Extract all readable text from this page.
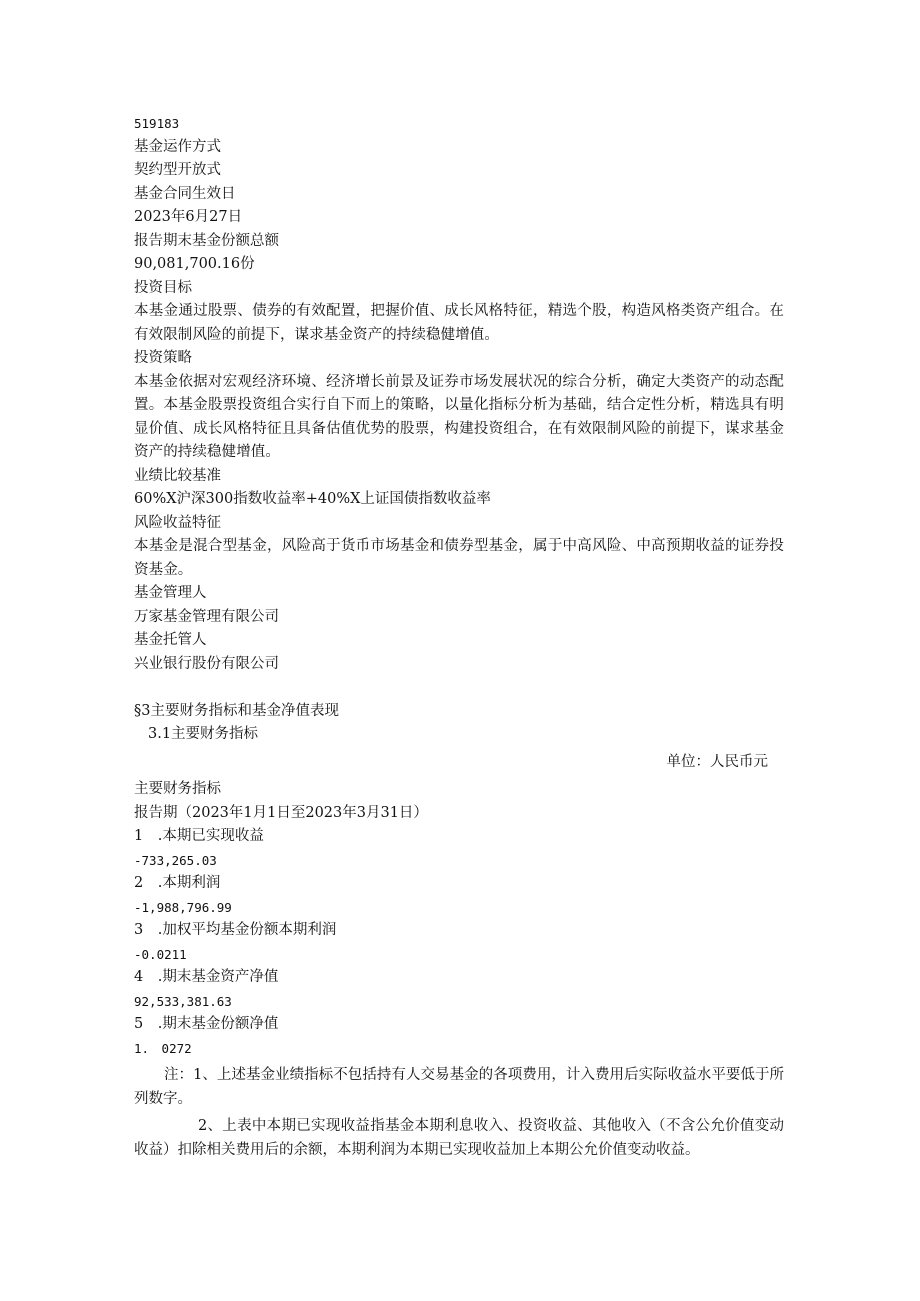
519183

基金运作方式

契约型开放式

基金合同生效日

2023年6月27日

报告期末基金份额总额

90,081,700.16份

投资目标

本基金通过股票、债券的有效配置，把握价值、成长风格特征，精选个股，构造风格类资产组合。在有效限制风险的前提下，谋求基金资产的持续稳健增值。

投资策略

本基金依据对宏观经济环境、经济增长前景及证券市场发展状况的综合分析，确定大类资产的动态配置。本基金股票投资组合实行自下而上的策略，以量化指标分析为基础，结合定性分析，精选具有明显价值、成长风格特征且具备估值优势的股票，构建投资组合，在有效限制风险的前提下，谋求基金资产的持续稳健增值。

业绩比较基准

60%X沪深300指数收益率+40%X上证国债指数收益率

风险收益特征

本基金是混合型基金，风险高于货币市场基金和债券型基金，属于中高风险、中高预期收益的证券投资基金。

基金管理人

万家基金管理有限公司

基金托管人

兴业银行股份有限公司

§3主要财务指标和基金净值表现

3.1主要财务指标

单位：人民币元

主要财务指标

报告期（2023年1月1日至2023年3月31日）

1　.本期已实现收益

-733,265.03

2　.本期利润

-1,988,796.99

3　.加权平均基金份额本期利润

-0.0211

4　.期末基金资产净值

92,533,381.63

5　.期末基金份额净值

1.　0272

注：1、上述基金业绩指标不包括持有人交易基金的各项费用，计入费用后实际收益水平要低于所列数字。

2、上表中本期已实现收益指基金本期利息收入、投资收益、其他收入（不含公允价值变动收益）扣除相关费用后的余额，本期利润为本期已实现收益加上本期公允价值变动收益。
